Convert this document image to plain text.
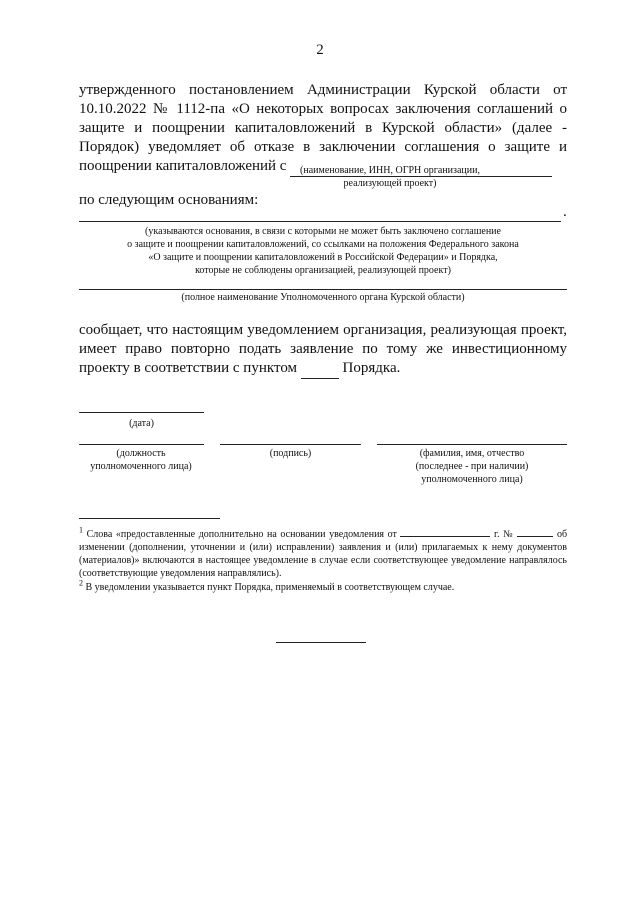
2

утвержденного постановлением Администрации Курской области от 10.10.2022 № 1112-па «О некоторых вопросах заключения соглашений о защите и поощрении капиталовложений в Курской области» (далее - Порядок) уведомляет об отказе в заключении соглашения о защите и поощрении капиталовложений с	(наименование, ИНН, ОГРН организации,
реализующей проект)

по следующим основаниям:

.
(указываются основания, в связи с которыми не может быть заключено соглашение
о защите и поощрении капиталовложений, со ссылками на положения Федерального закона
«О защите и поощрении капиталовложений в Российской Федерации» и Порядка,
которые не соблюдены организацией, реализующей проект)
(полное наименование Уполномоченного органа Курской области)

сообщает, что настоящим уведомлением организация, реализующая проект, имеет право повторно подать заявление по тому же инвестиционному проекту в соответствии с пунктом	Порядка.

(дата)
(должность
уполномоченного лица)
(подпись)	(фамилия, имя, отчество
(последнее - при наличии)
уполномоченного лица)

$^1$ Слова «предоставленные дополнительно на основании уведомления от	г. №	об изменении (дополнении, уточнении и (или) исправлении) заявления и (или) прилагаемых к нему документов (материалов)» включаются в настоящее уведомление в случае если соответствующее уведомление направлялось (соответствующие уведомления направлялись).

$^2$ В уведомлении указывается пункт Порядка, применяемый в соответствующем случае.
